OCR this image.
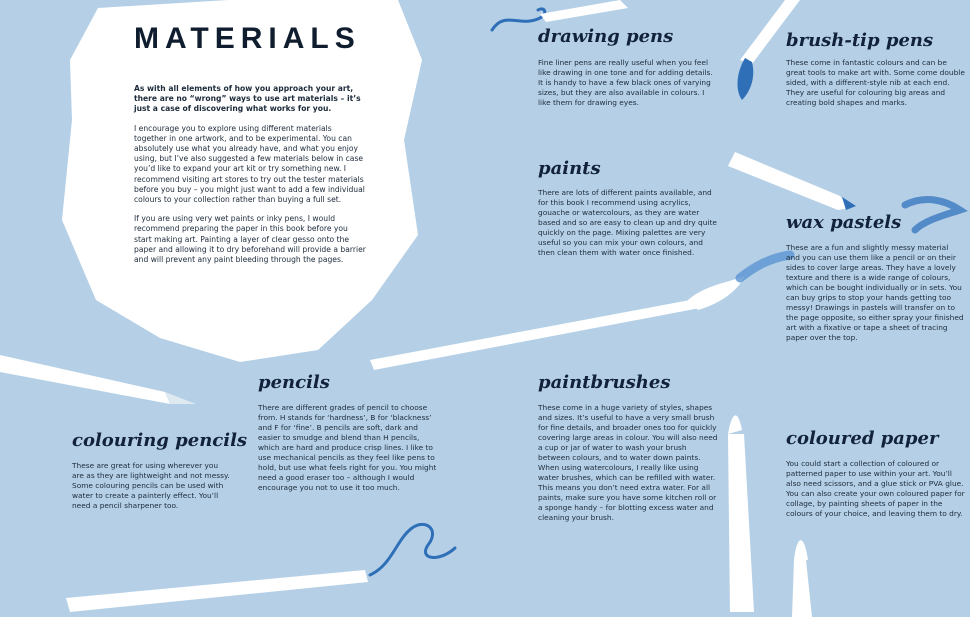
MATERIALS

As with all elements of how you approach your art, there are no “wrong” ways to use art materials – it’s just a case of discovering what works for you.

I encourage you to explore using different materials together in one artwork, and to be experimental. You can absolutely use what you already have, and what you enjoy using, but I’ve also suggested a few materials below in case you’d like to expand your art kit or try something new. I recommend visiting art stores to try out the tester materials before you buy – you might just want to add a few individual colours to your collection rather than buying a full set.

If you are using very wet paints or inky pens, I would recommend preparing the paper in this book before you start making art. Painting a layer of clear gesso onto the paper and allowing it to dry beforehand will provide a barrier and will prevent any paint bleeding through the pages.

drawing pens

Fine liner pens are really useful when you feel like drawing in one tone and for adding details. It is handy to have a few black ones of varying sizes, but they are also available in colours. I like them for drawing eyes.

brush-tip pens

These come in fantastic colours and can be great tools to make art with. Some come double sided, with a different-style nib at each end. They are useful for colouring big areas and creating bold shapes and marks.

paints

There are lots of different paints available, and for this book I recommend using acrylics, gouache or watercolours, as they are water based and so are easy to clean up and dry quite quickly on the page. Mixing palettes are very useful so you can mix your own colours, and then clean them with water once finished.

wax pastels

These are a fun and slightly messy material and you can use them like a pencil or on their sides to cover large areas. They have a lovely texture and there is a wide range of colours, which can be bought individually or in sets. You can buy grips to stop your hands getting too messy! Drawings in pastels will transfer on to the page opposite, so either spray your finished art with a fixative or tape a sheet of tracing paper over the top.

pencils

There are different grades of pencil to choose from. H stands for ‘hardness’, B for ‘blackness’ and F for ‘fine’. B pencils are soft, dark and easier to smudge and blend than H pencils, which are hard and produce crisp lines. I like to use mechanical pencils as they feel like pens to hold, but use what feels right for you. You might need a good eraser too – although I would encourage you not to use it too much.

paintbrushes

These come in a huge variety of styles, shapes and sizes. It’s useful to have a very small brush for fine details, and broader ones too for quickly covering large areas in colour. You will also need a cup or jar of water to wash your brush between colours, and to water down paints. When using watercolours, I really like using water brushes, which can be refilled with water. This means you don’t need extra water. For all paints, make sure you have some kitchen roll or a sponge handy – for blotting excess water and cleaning your brush.

colouring pencils

These are great for using wherever you are as they are lightweight and not messy. Some colouring pencils can be used with water to create a painterly effect. You’ll need a pencil sharpener too.

coloured paper

You could start a collection of coloured or patterned paper to use within your art. You’ll also need scissors, and a glue stick or PVA glue. You can also create your own coloured paper for collage, by painting sheets of paper in the colours of your choice, and leaving them to dry.
